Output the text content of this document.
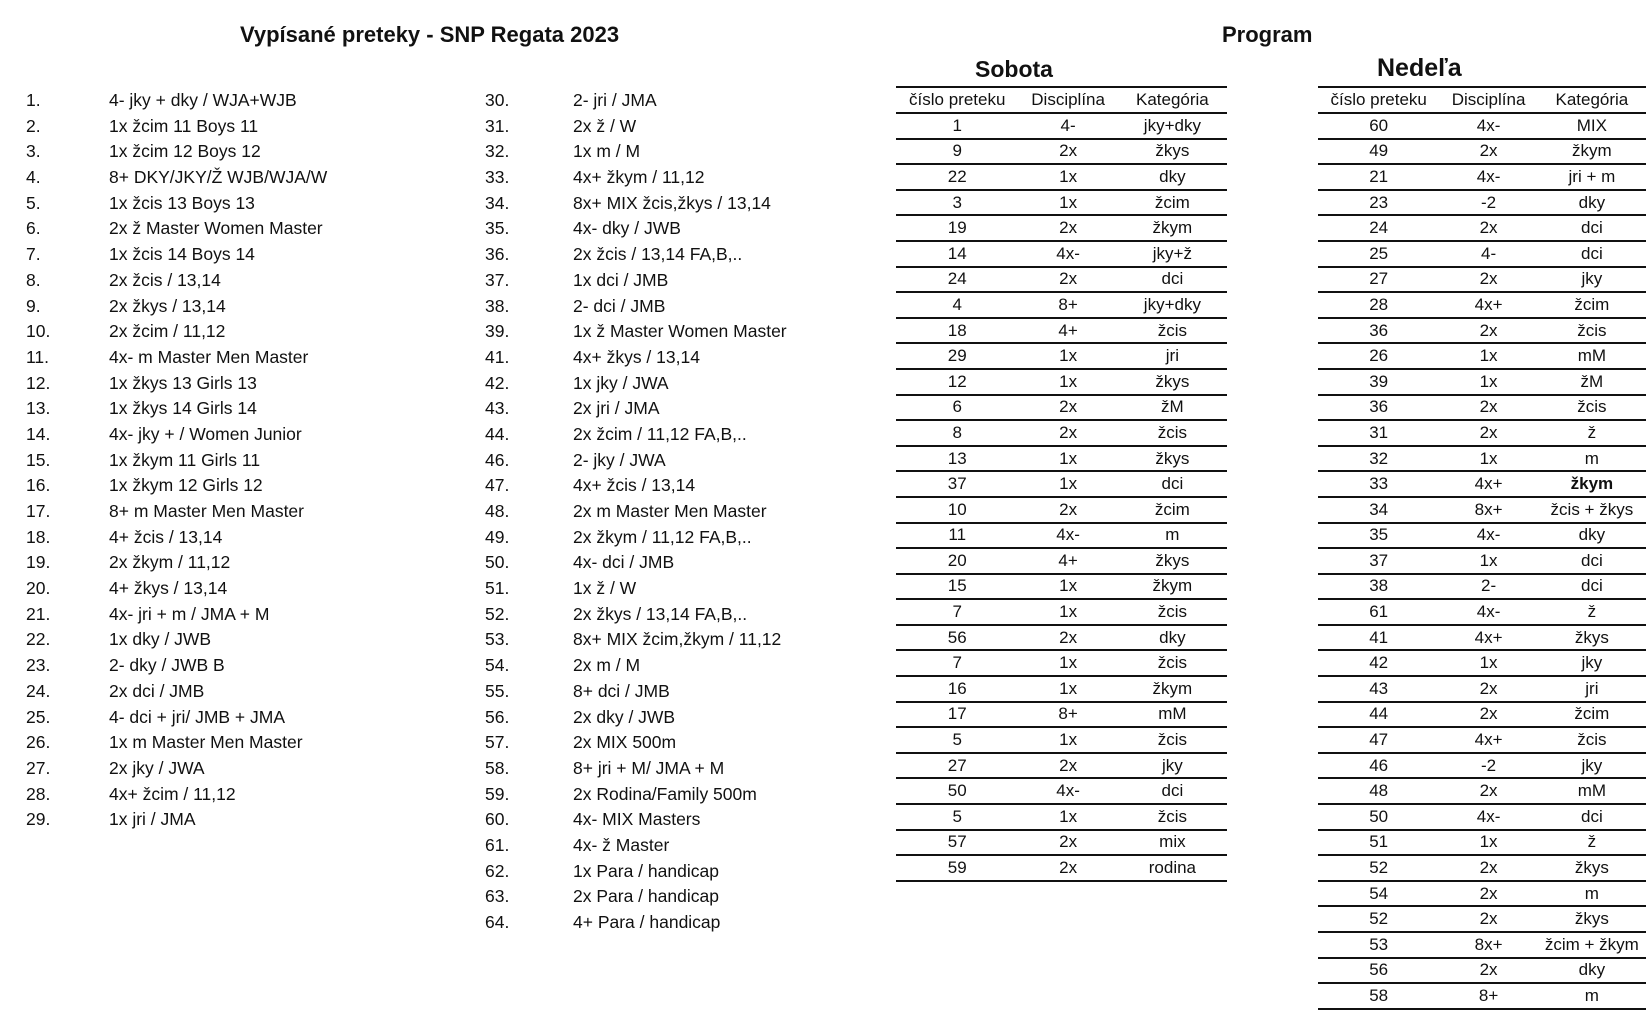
Vypísané preteky - SNP Regata 2023	Program
1.	4- jky + dky / WJA+WJB
2.	1x žcim 11 Boys 11
3.	1x žcim 12 Boys 12
4.	8+ DKY/JKY/Ž WJB/WJA/W
5.	1x žcis 13 Boys 13
6.	2x ž Master Women Master
7.	1x žcis 14 Boys 14
8.	2x žcis / 13,14
9.	2x žkys / 13,14
10.	2x žcim / 11,12
11.	4x- m Master Men Master
12.	1x žkys 13 Girls 13
13.	1x žkys 14 Girls 14
14.	4x- jky + / Women Junior
15.	1x žkym 11 Girls 11
16.	1x žkym 12 Girls 12
17.	8+ m Master Men Master
18.	4+ žcis / 13,14
19.	2x žkym / 11,12
20.	4+ žkys / 13,14
21.	4x- jri + m / JMA + M
22.	1x dky / JWB
23.	2- dky / JWB B
24.	2x dci / JMB
25.	4- dci + jri/ JMB + JMA
26.	1x m Master Men Master
27.	2x jky / JWA
28.	4x+ žcim / 11,12
29.	1x jri / JMA
30.	2- jri / JMA
31.	2x ž / W
32.	1x m / M
33.	4x+ žkym / 11,12
34.	8x+ MIX žcis,žkys / 13,14
35.	4x- dky / JWB
36.	2x žcis / 13,14 FA,B,..
37.	1x dci / JMB
38.	2- dci / JMB
39.	1x ž Master Women Master
41.	4x+ žkys / 13,14
42.	1x jky / JWA
43.	2x jri / JMA
44.	2x žcim / 11,12 FA,B,..
46.	2- jky / JWA
47.	4x+ žcis / 13,14
48.	2x m Master Men Master
49.	2x žkym / 11,12 FA,B,..
50.	4x- dci / JMB
51.	1x ž / W
52.	2x žkys / 13,14 FA,B,..
53.	8x+ MIX žcim,žkym / 11,12
54.	2x m / M
55.	8+ dci / JMB
56.	2x dky / JWB
57.	2x MIX 500m
58.	8+ jri + M/ JMA + M
59.	2x Rodina/Family 500m
60.	4x- MIX Masters
61.	4x- ž Master
62.	1x Para / handicap
63.	2x Para / handicap
64.	4+ Para / handicap
Sobota	Nedeľa
číslo preteku	Disciplína	Kategória
1	4-	jky+dky
9	2x	žkys
22	1x	dky
3	1x	žcim
19	2x	žkym
14	4x-	jky+ž
24	2x	dci
4	8+	jky+dky
18	4+	žcis
29	1x	jri
12	1x	žkys
6	2x	žM
8	2x	žcis
13	1x	žkys
37	1x	dci
10	2x	žcim
11	4x-	m
20	4+	žkys
15	1x	žkym
7	1x	žcis
56	2x	dky
7	1x	žcis
16	1x	žkym
17	8+	mM
5	1x	žcis
27	2x	jky
50	4x-	dci
5	1x	žcis
57	2x	mix
59	2x	rodina
číslo preteku	Disciplína	Kategória
60	4x-	MIX
49	2x	žkym
21	4x-	jri + m
23	-2	dky
24	2x	dci
25	4-	dci
27	2x	jky
28	4x+	žcim
36	2x	žcis
26	1x	mM
39	1x	žM
36	2x	žcis
31	2x	ž
32	1x	m
33	4x+	žkym
34	8x+	žcis + žkys
35	4x-	dky
37	1x	dci
38	2-	dci
61	4x-	ž
41	4x+	žkys
42	1x	jky
43	2x	jri
44	2x	žcim
47	4x+	žcis
46	-2	jky
48	2x	mM
50	4x-	dci
51	1x	ž
52	2x	žkys
54	2x	m
52	2x	žkys
53	8x+	žcim + žkym
56	2x	dky
58	8+	m
